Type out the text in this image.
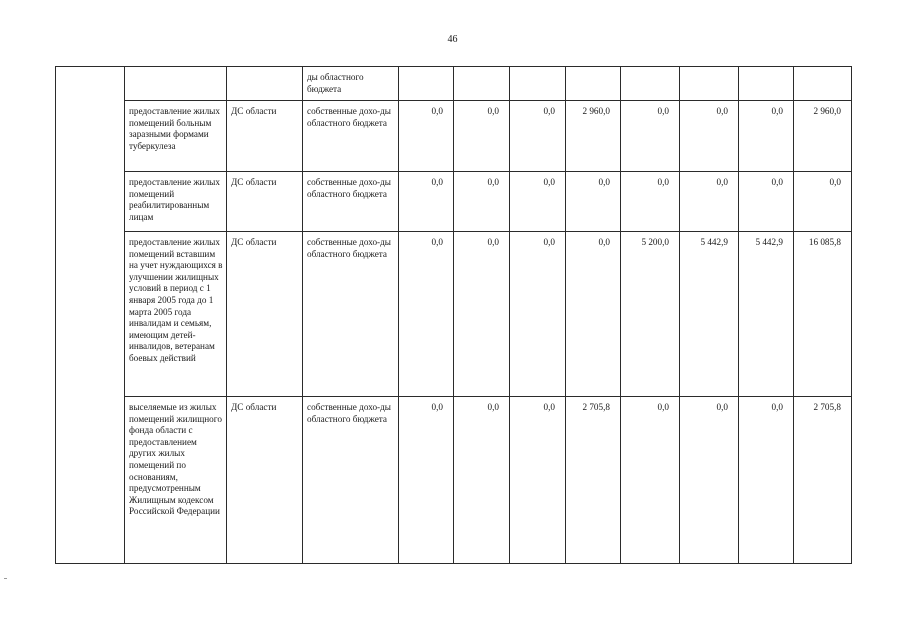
46
			ды областного бюджета								
	предоставление жилых помещений больным заразными формами туберкулеза	ДС области	собственные дохо-ды областного бюджета	0,0	0,0	0,0	2 960,0	0,0	0,0	0,0	2 960,0
	предоставление жилых помещений реабилитированным лицам	ДС области	собственные дохо-ды областного бюджета	0,0	0,0	0,0	0,0	0,0	0,0	0,0	0,0
	предоставление жилых помещений вставшим на учет нуждающихся в улучшении жилищных условий в период с 1 января 2005 года до 1 марта 2005 года инвалидам и семьям, имеющим детей-инвалидов, ветеранам боевых действий	ДС области	собственные дохо-ды областного бюджета	0,0	0,0	0,0	0,0	5 200,0	5 442,9	5 442,9	16 085,8
	выселяемые из жилых помещений жилищного фонда области с предоставлением других жилых помещений по основаниям, предусмотренным Жилищным кодексом Российской Федерации	ДС области	собственные дохо-ды областного бюджета	0,0	0,0	0,0	2 705,8	0,0	0,0	0,0	2 705,8
